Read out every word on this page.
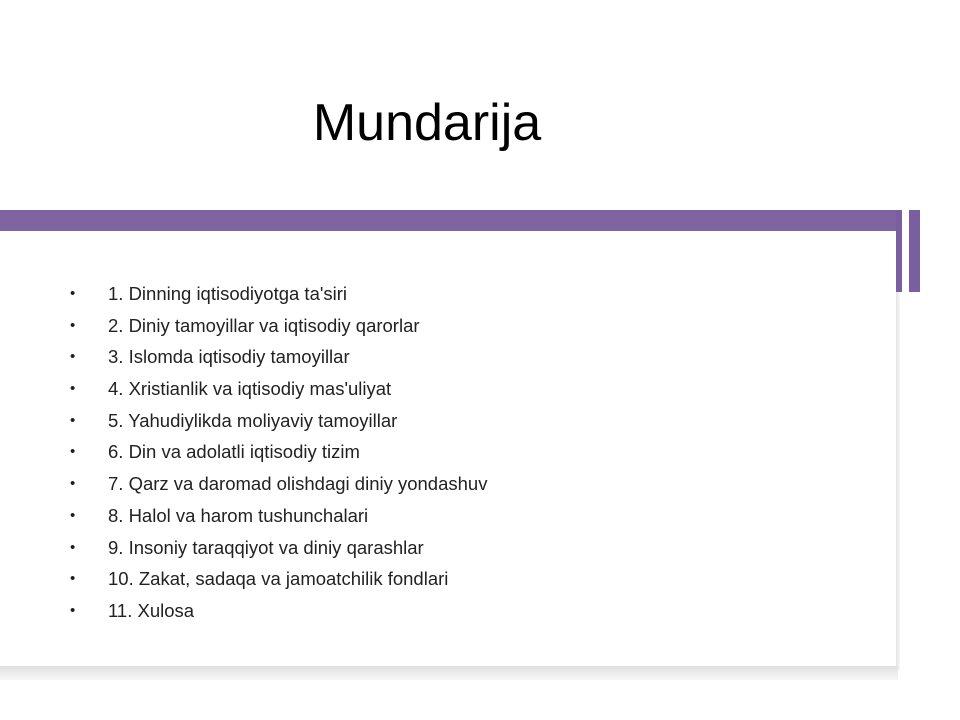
Mundarija
•	1. Dinning iqtisodiyotga ta'siri
•	2. Diniy tamoyillar va iqtisodiy qarorlar
•	3. Islomda iqtisodiy tamoyillar
•	4. Xristianlik va iqtisodiy mas'uliyat
•	5. Yahudiylikda moliyaviy tamoyillar
•	6. Din va adolatli iqtisodiy tizim
•	7. Qarz va daromad olishdagi diniy yondashuv
•	8. Halol va harom tushunchalari
•	9. Insoniy taraqqiyot va diniy qarashlar
•	10. Zakat, sadaqa va jamoatchilik fondlari
•	11. Xulosa
